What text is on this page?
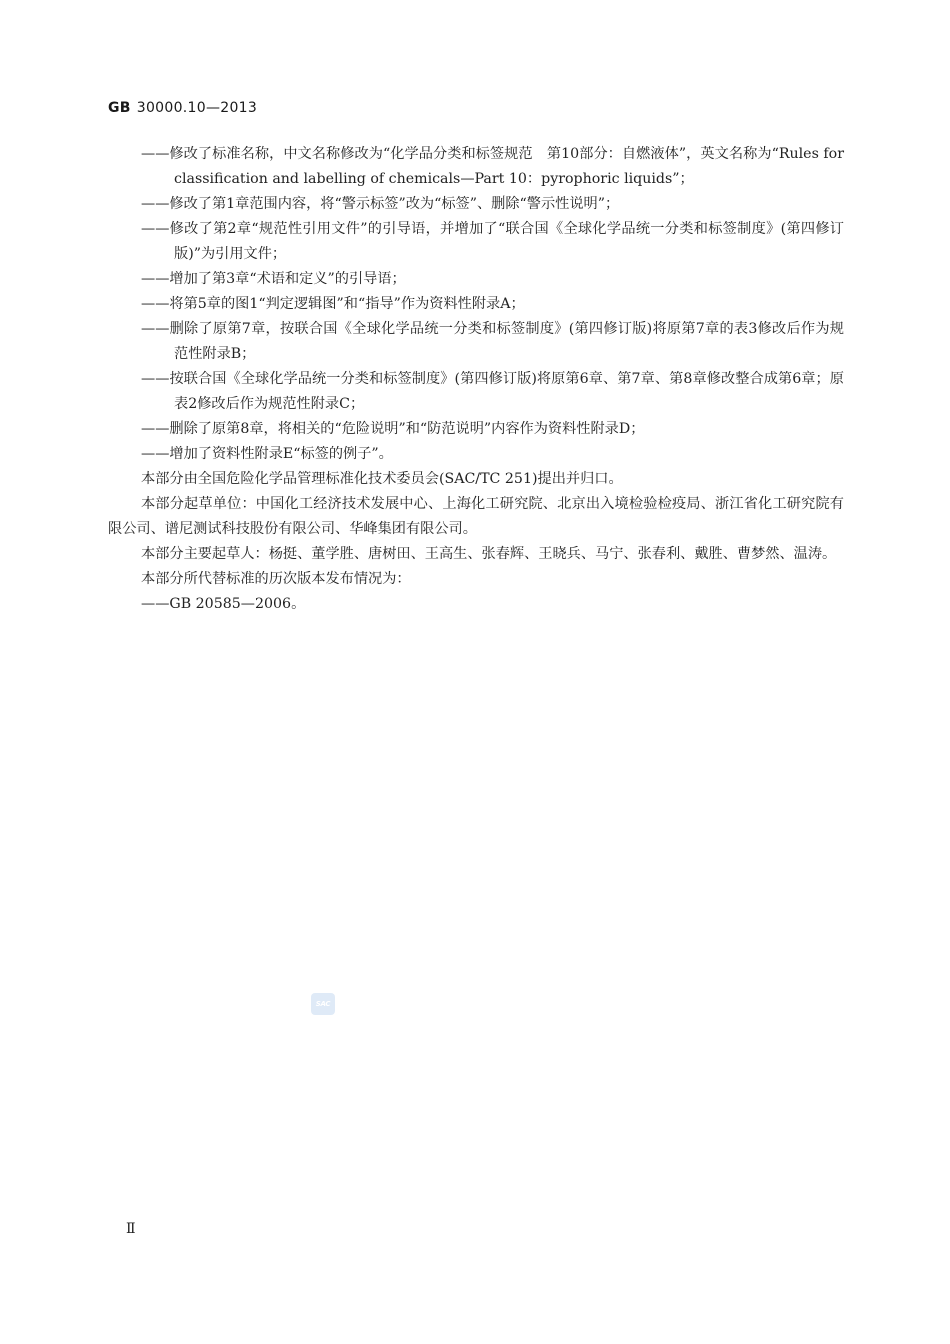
GB 30000.10—2013

——修改了标准名称，中文名称修改为“化学品分类和标签规范　第10部分：自燃液体”，英文名称为“Rules for classification and labelling of chemicals—Part 10：pyrophoric liquids”；

——修改了第1章范围内容，将“警示标签”改为“标签”、删除“警示性说明”；

——修改了第2章“规范性引用文件”的引导语，并增加了“联合国《全球化学品统一分类和标签制度》(第四修订版)”为引用文件；

——增加了第3章“术语和定义”的引导语；

——将第5章的图1“判定逻辑图”和“指导”作为资料性附录A；

——删除了原第7章，按联合国《全球化学品统一分类和标签制度》(第四修订版)将原第7章的表3修改后作为规范性附录B；

——按联合国《全球化学品统一分类和标签制度》(第四修订版)将原第6章、第7章、第8章修改整合成第6章；原表2修改后作为规范性附录C；

——删除了原第8章，将相关的“危险说明”和“防范说明”内容作为资料性附录D；

——增加了资料性附录E“标签的例子”。

本部分由全国危险化学品管理标准化技术委员会(SAC/TC 251)提出并归口。

本部分起草单位：中国化工经济技术发展中心、上海化工研究院、北京出入境检验检疫局、浙江省化工研究院有限公司、谱尼测试科技股份有限公司、华峰集团有限公司。

本部分主要起草人：杨挺、董学胜、唐树田、王高生、张春辉、王晓兵、马宁、张春利、戴胜、曹梦然、温涛。

本部分所代替标准的历次版本发布情况为：

——GB 20585—2006。

SAC
Ⅱ
